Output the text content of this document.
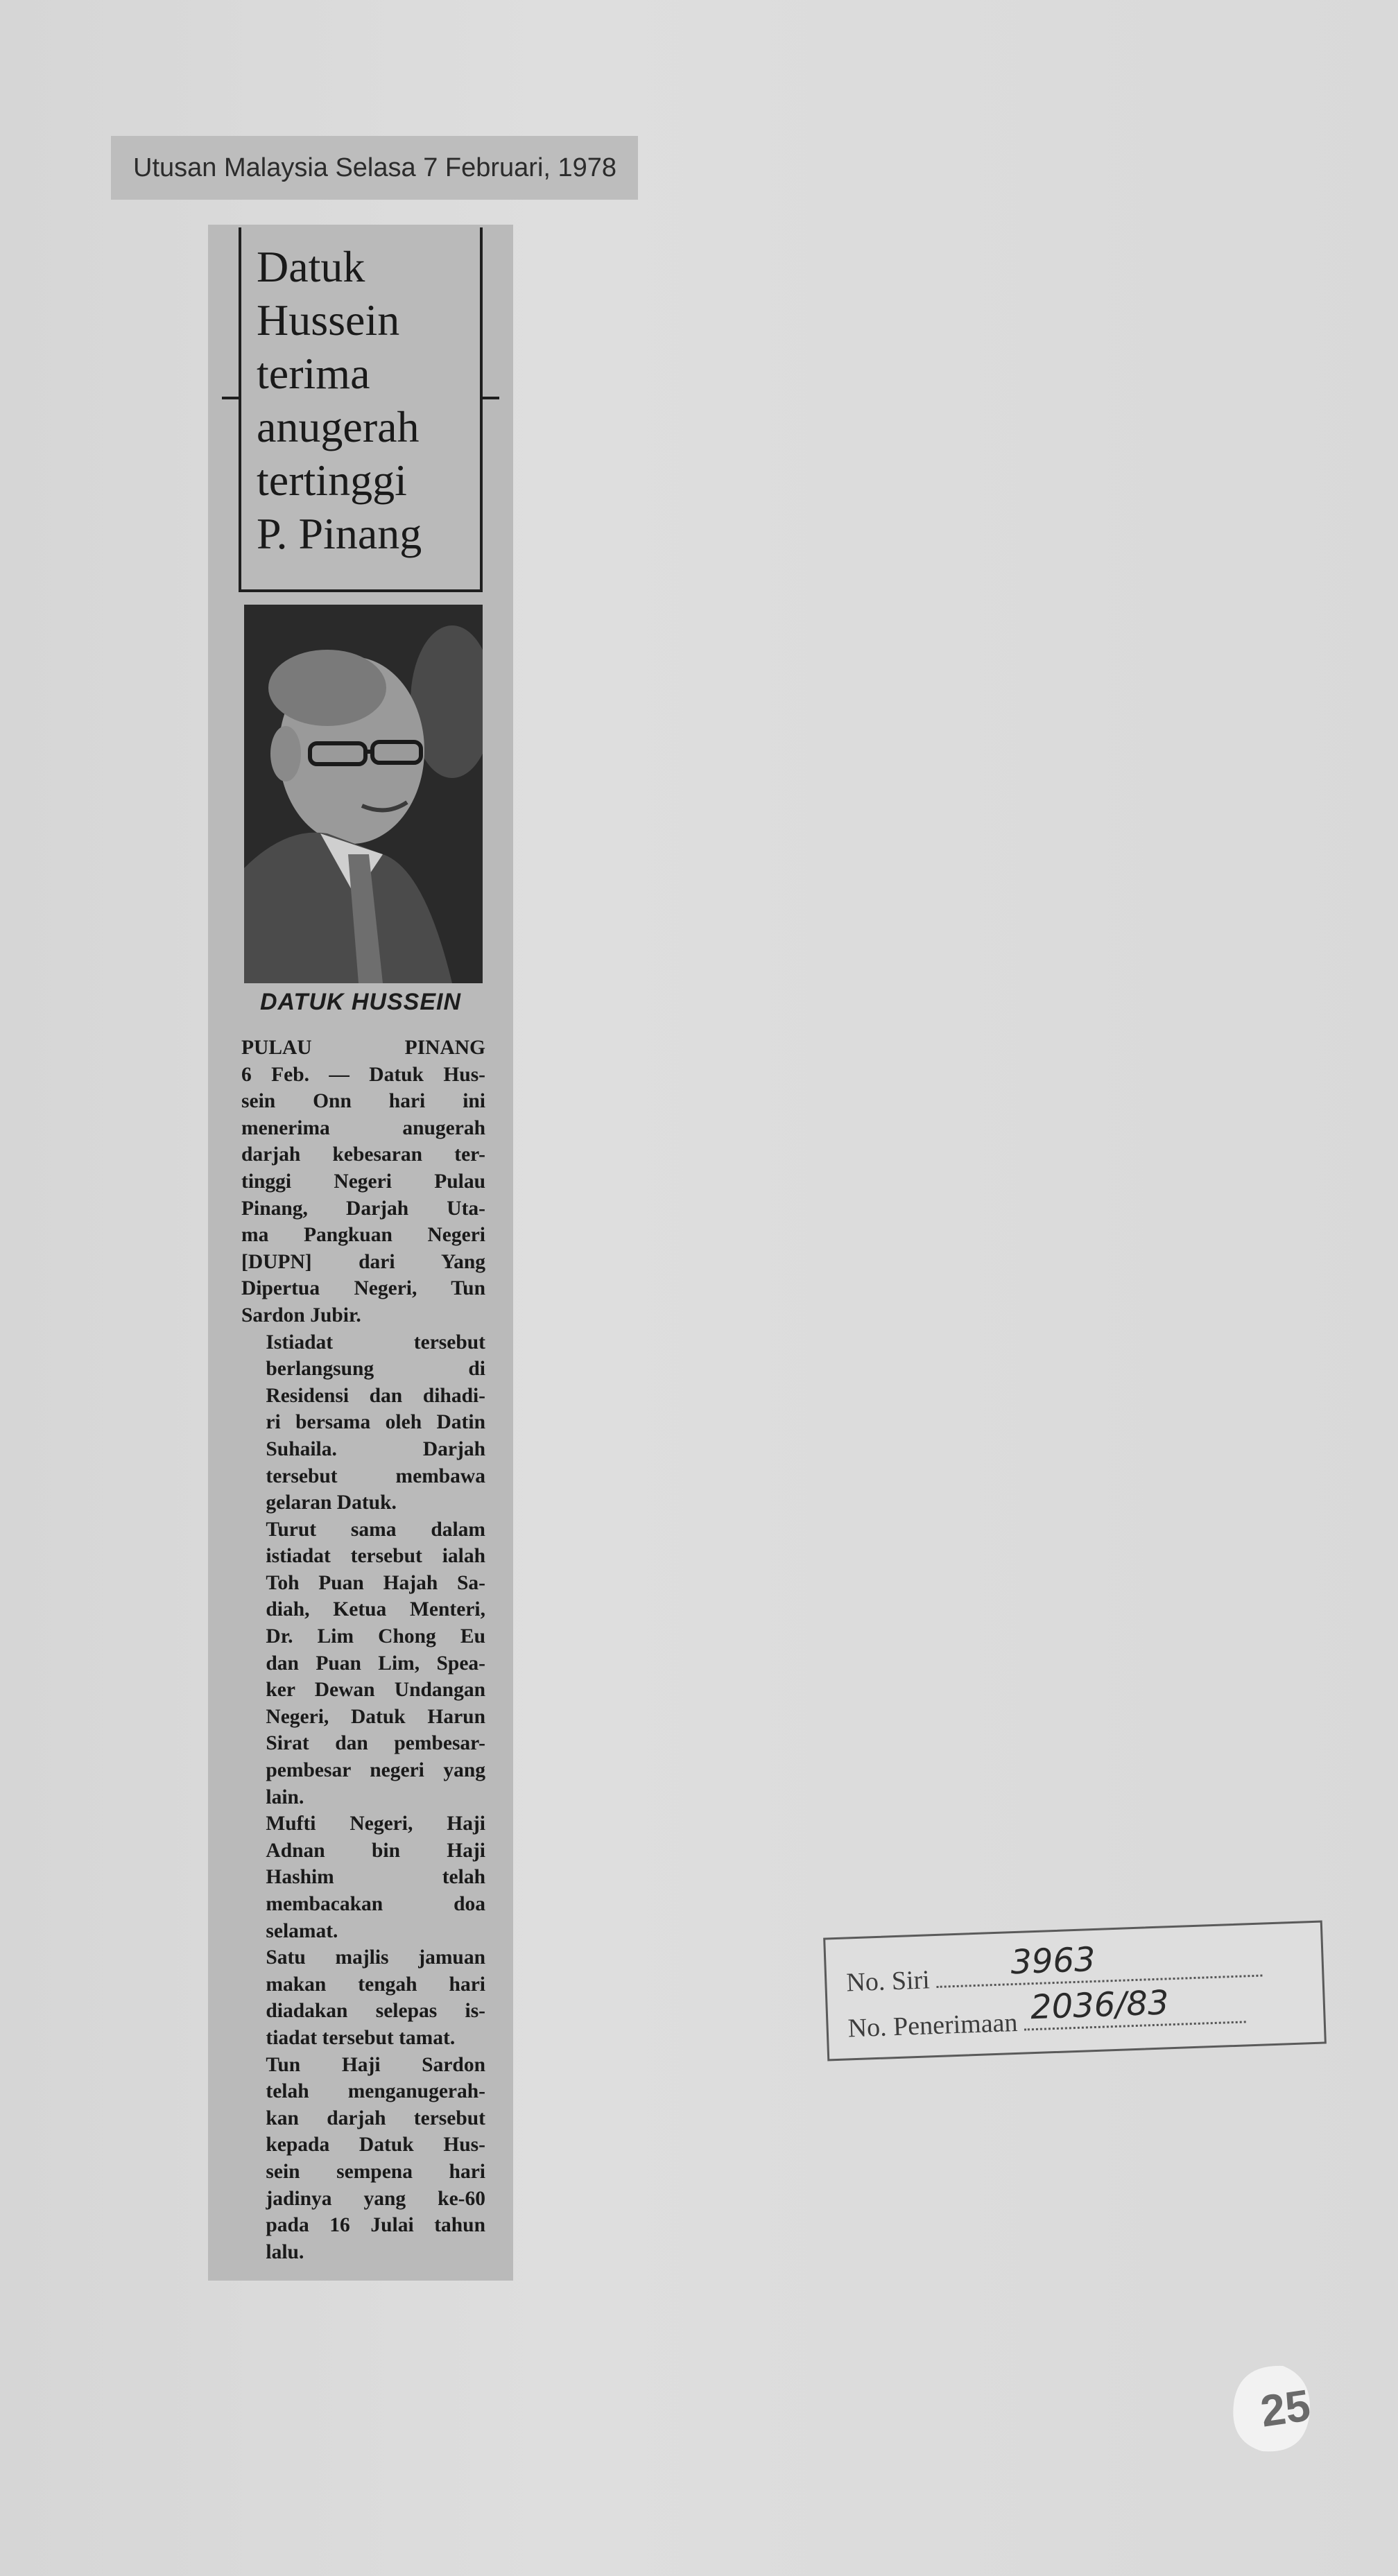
Utusan Malaysia Selasa 7 Februari, 1978
Datuk
Hussein
terima
anugerah
tertinggi
P. Pinang
DATUK HUSSEIN

PULAU PINANG
6 Feb. — Datuk Hus-
sein Onn hari ini
menerima anugerah
darjah kebesaran ter-
tinggi Negeri Pulau
Pinang, Darjah Uta-
ma Pangkuan Negeri
[DUPN] dari Yang
Dipertua Negeri, Tun
Sardon Jubir.

Istiadat tersebut
berlangsung di
Residensi dan dihadi-
ri bersama oleh Datin
Suhaila. Darjah
tersebut membawa
gelaran Datuk.

Turut sama dalam
istiadat tersebut ialah
Toh Puan Hajah Sa-
diah, Ketua Menteri,
Dr. Lim Chong Eu
dan Puan Lim, Speа-
ker Dewan Undangan
Negeri, Datuk Harun
Sirat dan pembesar-
pembesar negeri yang
lain.

Mufti Negeri, Haji
Adnan bin Haji
Hashim telah
membacakan doa
selamat.

Satu majlis jamuan
makan tengah hari
diadakan selepas is-
tiadat tersebut tamat.

Tun Haji Sardon
telah menganugerah-
kan darjah tersebut
kepada Datuk Hus-
sein sempena hari
jadinya yang ke-60
pada 16 Julai tahun
lalu.

No. Siri 3963
No. Penerimaan 2036/83
25
